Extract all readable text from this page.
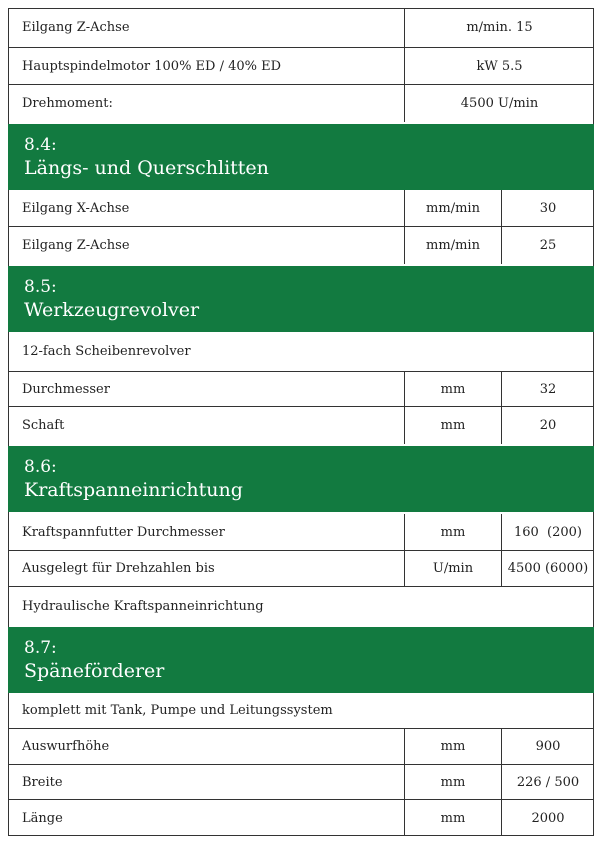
Eilgang Z-Achse	m/min. 15
Hauptspindelmotor 100% ED / 40% ED	kW 5.5
Drehmoment:	4500 U/min
8.4:
Längs- und Querschlitten
Eilgang X-Achse	mm/min	30
Eilgang Z-Achse	mm/min	25
8.5:
Werkzeugrevolver
12-fach Scheibenrevolver
Durchmesser	mm	32
Schaft	mm	20
8.6:
Kraftspanneinrichtung
Kraftspannfutter Durchmesser	mm	160  (200)
Ausgelegt für Drehzahlen bis	U/min	4500 (6000)
Hydraulische Kraftspanneinrichtung
8.7:
Späneförderer
komplett mit Tank, Pumpe und Leitungssystem
Auswurfhöhe	mm	900
Breite	mm	226 / 500
Länge	mm	2000
